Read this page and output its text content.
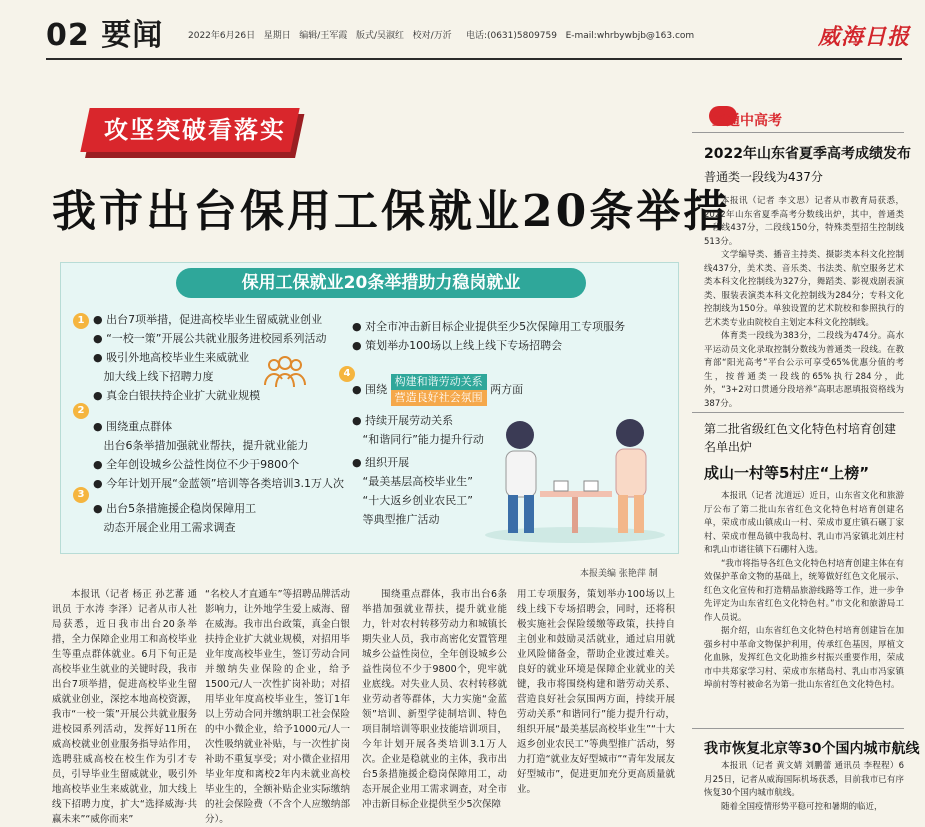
02 要闻	2022年6月26日 星期日 编辑/王军霞 版式/吴淑红 校对/万沂 电话:(0631)5809759 E-mail:whrbywbjb@163.com	威海日报
攻坚突破看落实
我市出台保用工保就业20条举措
保用工保就业20条举措助力稳岗就业
1 ● 出台7项举措，促进高校毕业生留威就业创业

● “一校一策”开展公共就业服务进校园系列活动

● 吸引外地高校毕业生来威就业

加大线上线下招聘力度

● 真金白银扶持企业扩大就业规模

2

● 围绕重点群体

出台6条举措加强就业帮扶，提升就业能力

● 全年创设城乡公益性岗位不少于9800个

● 今年计划开展“金蓝领”培训等各类培训3.1万人次

3

● 出台5条措施援企稳岗保障用工

动态开展企业用工需求调查

4

● 对全市冲击新目标企业提供至少5次保障用工专项服务

● 策划举办100场以上线上线下专场招聘会

● 围绕 构建和谐劳动关系
营造良好社会氛围 两方面

● 持续开展劳动关系

“和谐同行”能力提升行动

● 组织开展

“最美基层高校毕业生”

“十大返乡创业农民工”

等典型推广活动

本报美编 张艳萍 制

本报讯（记者 杨正 孙艺蕃 通讯员 于水涛 李泽）记者从市人社局获悉，近日我市出台20条举措，全力保障企业用工和高校毕业生等重点群体就业。6月下旬正是高校毕业生就业的关键时段，我市出台7项举措，促进高校毕业生留威就业创业，深挖本地高校资源，我市“一校一策”开展公共就业服务进校园系列活动，发挥好11所在威高校就业创业服务指导站作用，选聘驻威高校在校生作为引才专员，引导毕业生留威就业，吸引外地高校毕业生来威就业，加大线上线下招聘力度，扩大“选择威海·共赢未来”“威你而来”

“名校人才直通车”等招聘品牌活动影响力，让外地学生爱上威海、留在威海。我市出台政策，真金白银扶持企业扩大就业规模，对招用毕业年度高校毕业生，签订劳动合同并缴纳失业保险的企业，给予1500元/人一次性扩岗补助；对招用毕业年度高校毕业生，签订1年以上劳动合同并缴纳职工社会保险的中小微企业，给予1000元/人一次性吸纳就业补贴，与一次性扩岗补助不重复享受；对小微企业招用毕业年度和离校2年内未就业高校毕业生的，全额补贴企业实际缴纳的社会保险费（不含个人应缴纳部分）。

围绕重点群体，我市出台6条举措加强就业帮扶，提升就业能力，针对农村转移劳动力和城镇长期失业人员，我市高密化安置管理城乡公益性岗位，全年创设城乡公益性岗位不少于9800个，兜牢就业底线。对失业人员、农村转移就业劳动者等群体，大力实施“金蓝领”培训、新型学徒制培训、特色项目制培训等职业技能培训项目，今年计划开展各类培训3.1万人次。企业是稳就业的主体，我市出台5条措施援企稳岗保障用工，动态开展企业用工需求调查，对全市冲击新目标企业提供至少5次保障

用工专项服务，策划举办100场以上线上线下专场招聘会，同时，还将积极实施社会保险缓缴等政策，扶持自主创业和鼓励灵活就业，通过启用就业风险储备金，帮助企业渡过难关。良好的就业环境是保障企业就业的关键，我市将围绕构建和谐劳动关系、营造良好社会氛围两方面，持续开展劳动关系“和谐同行”能力提升行动，组织开展“最美基层高校毕业生”“十大返乡创业农民工”等典型推广活动，努力打造“就业友好型城市”“青年发展友好型城市”，促进更加充分更高质量就业。

直通中高考
2022年山东省夏季高考成绩发布
普通类一段线为437分

本报讯（记者 李文思）记者从市教育局获悉，2022年山东省夏季高考分数线出炉，其中，普通类一段线437分，二段线150分，特殊类型招生控制线513分。

文学编导类、播音主持类、摄影类本科文化控制线437分，美术类、音乐类、书法类、航空服务艺术类本科文化控制线为327分，舞蹈类、影视戏剧表演类、服装表演类本科文化控制线为284分；专科文化控制线为150分。单独设置的艺术院校和参照执行的艺术类专业由院校自主划定本科文化控制线。

体育类一段线为383分，二段线为474分。高水平运动员文化录取控制分数线为普通类一段线。在教育部“阳光高考”平台公示可享受65%优惠分值的考生，按普通类一段线的65%执行284分，此外，“3+2对口贯通分段培养”高职志愿填报资格线为387分。

第二批省级红色文化特色村培育创建名单出炉
成山一村等5村庄“上榜”

本报讯（记者 沈道远）近日，山东省文化和旅游厅公布了第二批山东省红色文化特色村培育创建名单，荣成市成山镇成山一村、荣成市夏庄镇石碾丁家村、荣成市俚岛镇中我岛村、乳山市冯家镇北刘庄村和乳山市诸往镇下石硼村入选。

“我市将指导各红色文化特色村培育创建主体在有效保护革命文物的基础上，统筹做好红色文化展示、红色文化宣传和打造精品旅游线路等工作，进一步争先评定为山东省红色文化特色村。”市文化和旅游局工作人员说。

据介绍，山东省红色文化特色村培育创建旨在加强乡村中革命文物保护利用，传承红色基因，厚植文化血脉，发挥红色文化助推乡村振兴重要作用，荣成市中共郑家学习村、荣成市东楮岛村、乳山市冯家镇埠前村等村被命名为第一批山东省红色文化特色村。

我市恢复北京等30个国内城市航线

本报讯（记者 黄文婧 刘鹏蕾 通讯员 李程程）6月25日，记者从威海国际机场获悉，目前我市已有序恢复30个国内城市航线。

随着全国疫情形势平稳可控和暑期的临近，
